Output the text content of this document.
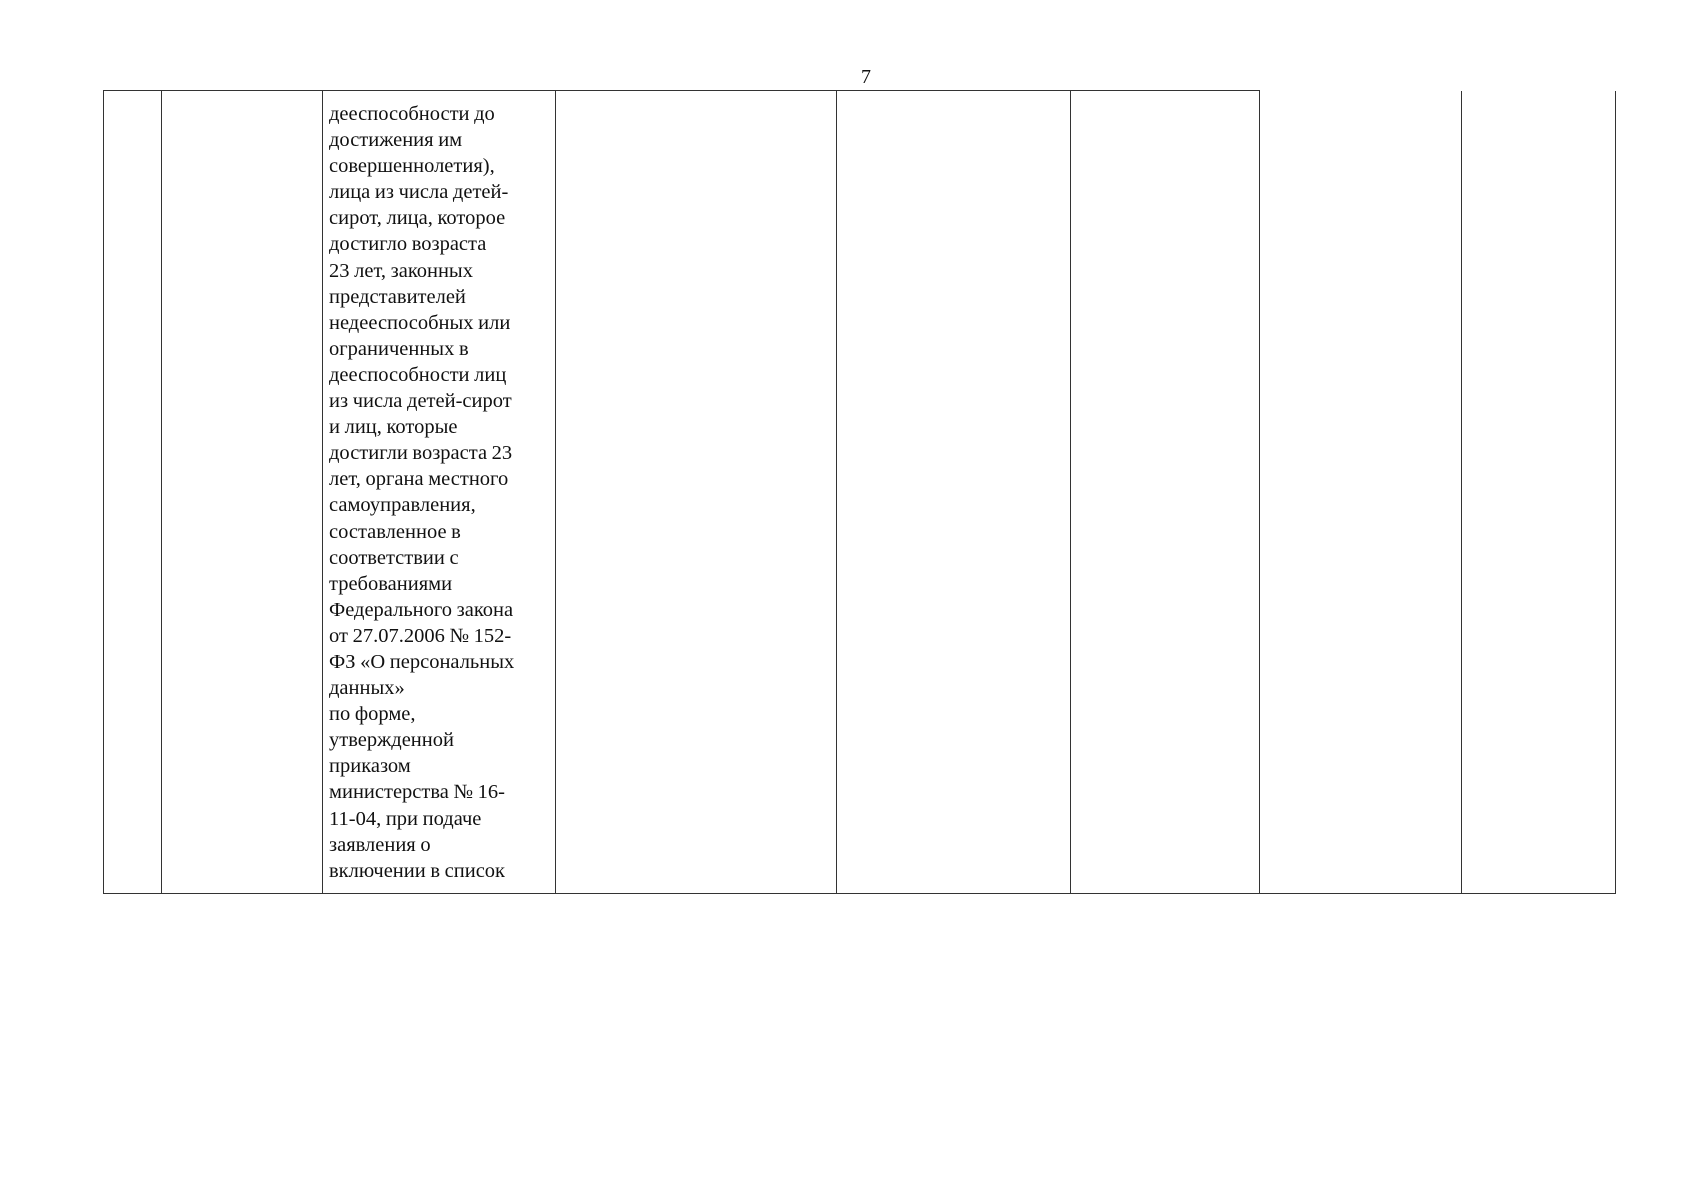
7
		дееспособности до
достижения им
совершеннолетия),
лица из числа детей-
сирот, лица, которое
достигло возраста
23 лет, законных
представителей
недееспособных или
ограниченных в
дееспособности лиц
из числа детей-сирот
и лиц, которые
достигли возраста 23
лет, органа местного
самоуправления,
составленное в
соответствии с
требованиями
Федерального закона
от 27.07.2006 № 152-
ФЗ «О персональных
данных»
по форме,
утвержденной
приказом
министерства № 16-
11-04, при подаче
заявления о
включении в список					
